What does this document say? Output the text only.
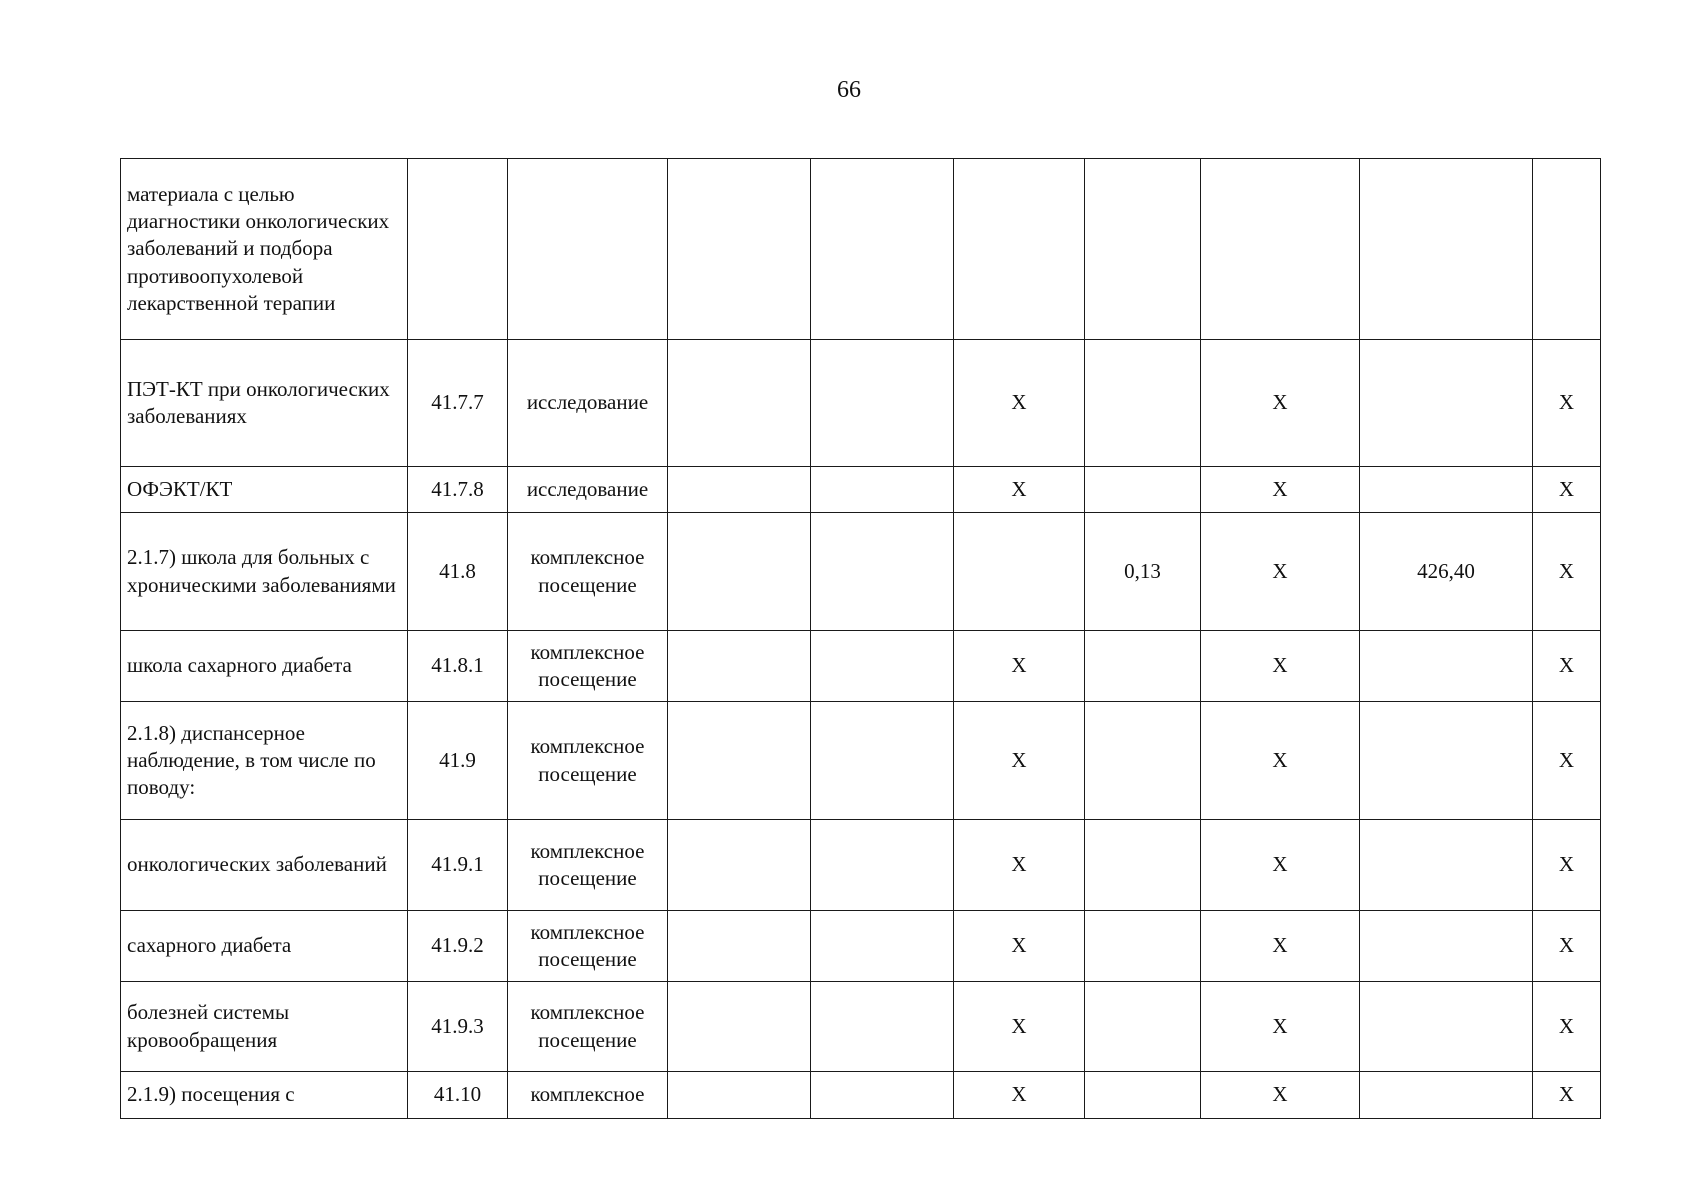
66
материала с целью диагностики онкологических заболеваний и подбора противоопухолевой лекарственной терапии									
ПЭТ-КТ при онкологических заболеваниях	41.7.7	исследование			Х		Х		Х
ОФЭКТ/КТ	41.7.8	исследование			Х		Х		Х
2.1.7) школа для больных с хроническими заболеваниями	41.8	комплексное посещение				0,13	Х	426,40	Х
школа сахарного диабета	41.8.1	комплексное посещение			Х		Х		Х
2.1.8) диспансерное наблюдение, в том числе по поводу:	41.9	комплексное посещение			Х		Х		Х
онкологических заболеваний	41.9.1	комплексное посещение			Х		Х		Х
сахарного диабета	41.9.2	комплексное посещение			Х		Х		Х
болезней системы кровообращения	41.9.3	комплексное посещение			Х		Х		Х
2.1.9) посещения с	41.10	комплексное			Х		Х		Х
